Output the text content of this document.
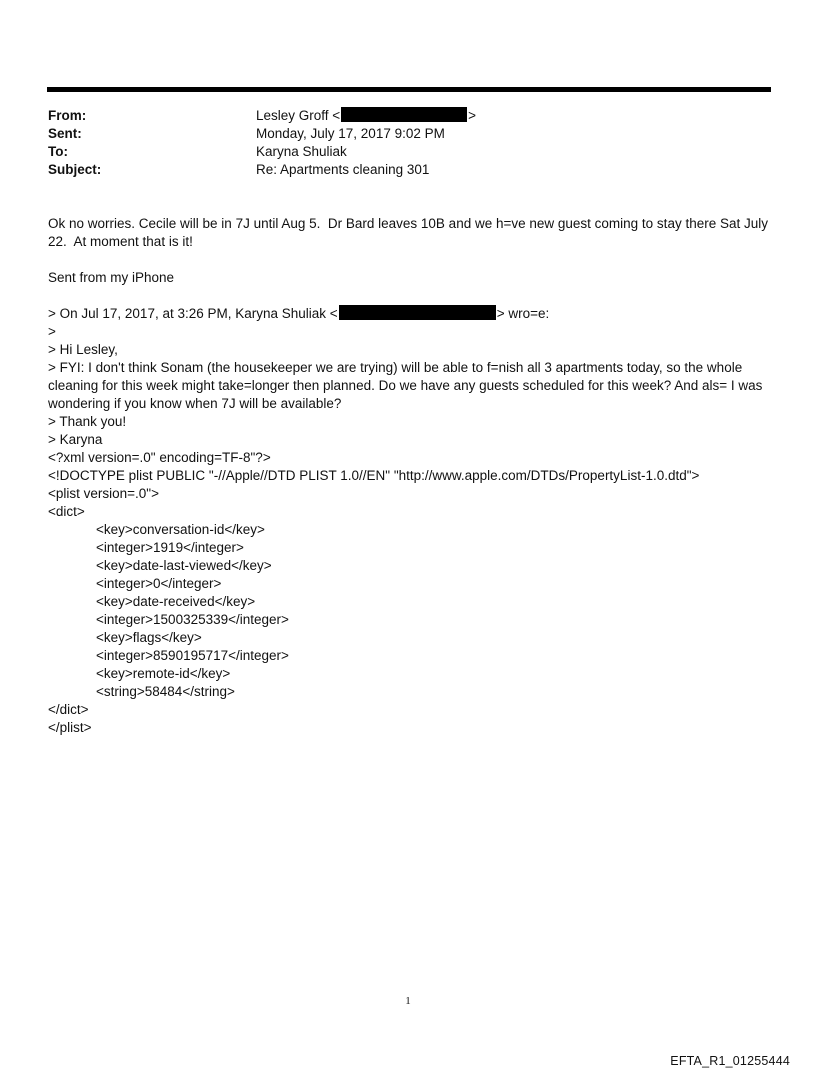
From:	Lesley Groff <	>
Sent:	Monday, July 17, 2017 9:02 PM
To:	Karyna Shuliak
Subject:	Re: Apartments cleaning 301
Ok no worries. Cecile will be in 7J until Aug 5.  Dr Bard leaves 10B and we h=ve new guest coming to stay there Sat July
22.  At moment that is it!
Sent from my iPhone
> On Jul 17, 2017, at 3:26 PM, Karyna Shuliak <	> wro=e:
>
> Hi Lesley,
> FYI: I don't think Sonam (the housekeeper we are trying) will be able to f=nish all 3 apartments today, so the whole
cleaning for this week might take=longer then planned. Do we have any guests scheduled for this week? And als= I was
wondering if you know when 7J will be available?
> Thank you!
> Karyna
<?xml version=.0" encoding=TF-8"?>
<!DOCTYPE plist PUBLIC "-//Apple//DTD PLIST 1.0//EN" "http://www.apple.com/DTDs/PropertyList-1.0.dtd">
<plist version=.0">
<dict>
<key>conversation-id</key>
<integer>1919</integer>
<key>date-last-viewed</key>
<integer>0</integer>
<key>date-received</key>
<integer>1500325339</integer>
<key>flags</key>
<integer>8590195717</integer>
<key>remote-id</key>
<string>58484</string>
</dict>
</plist>
1
EFTA_R1_01255444
